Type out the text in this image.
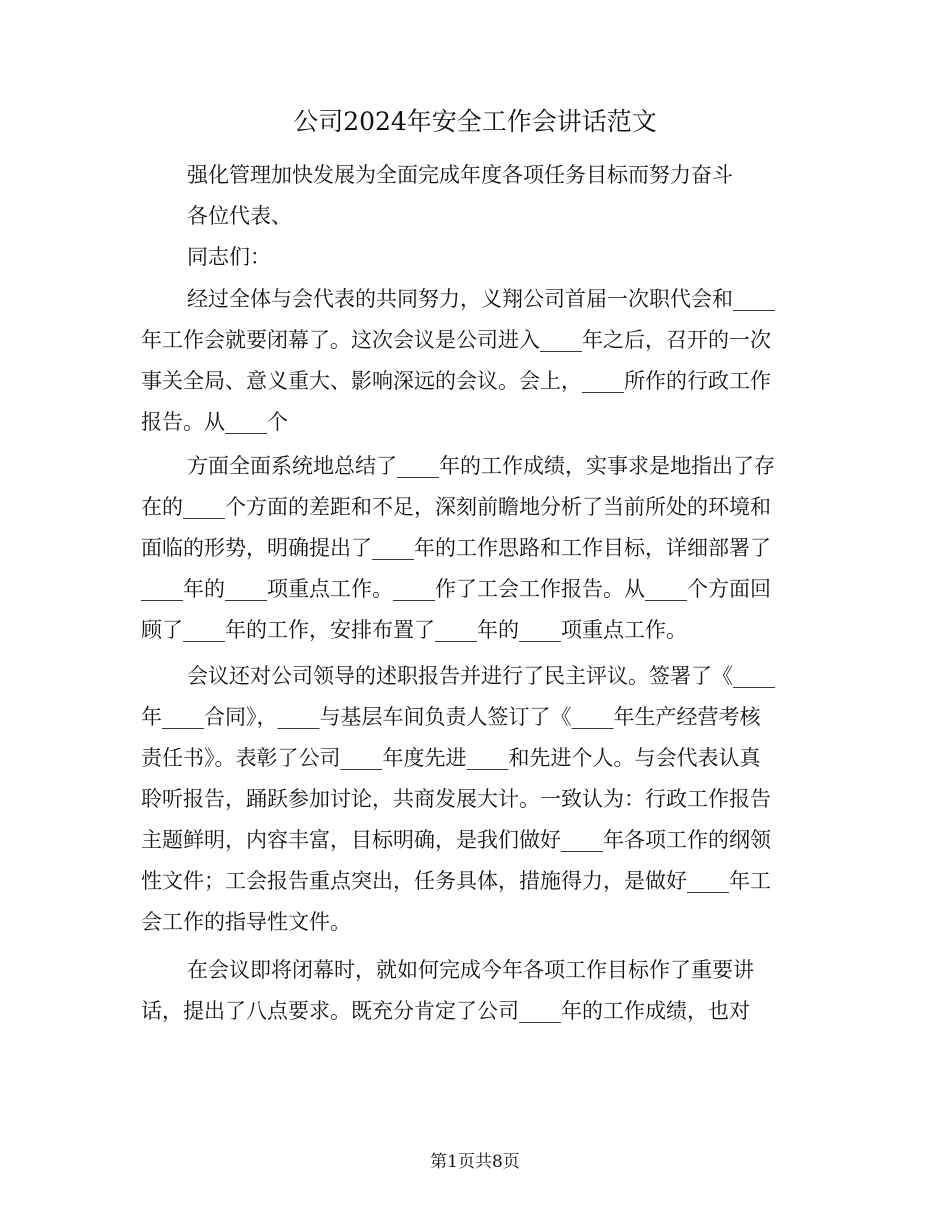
公司2024年安全工作会讲话范文

强化管理加快发展为全面完成年度各项任务目标而努力奋斗

各位代表、

同志们：

经过全体与会代表的共同努力，义翔公司首届一次职代会和____
年工作会就要闭幕了。这次会议是公司进入____年之后，召开的一次
事关全局、意义重大、影响深远的会议。会上，____所作的行政工作
报告。从____个

方面全面系统地总结了____年的工作成绩，实事求是地指出了存
在的____个方面的差距和不足，深刻前瞻地分析了当前所处的环境和
面临的形势，明确提出了____年的工作思路和工作目标，详细部署了
____年的____项重点工作。____作了工会工作报告。从____个方面回
顾了____年的工作，安排布置了____年的____项重点工作。

会议还对公司领导的述职报告并进行了民主评议。签署了《____
年____合同》，____与基层车间负责人签订了《____年生产经营考核
责任书》。表彰了公司____年度先进____和先进个人。与会代表认真
聆听报告，踊跃参加讨论，共商发展大计。一致认为：行政工作报告
主题鲜明，内容丰富，目标明确，是我们做好____年各项工作的纲领
性文件；工会报告重点突出，任务具体，措施得力，是做好____年工
会工作的指导性文件。

在会议即将闭幕时，就如何完成今年各项工作目标作了重要讲
话，提出了八点要求。既充分肯定了公司____年的工作成绩，也对

第1页共8页
